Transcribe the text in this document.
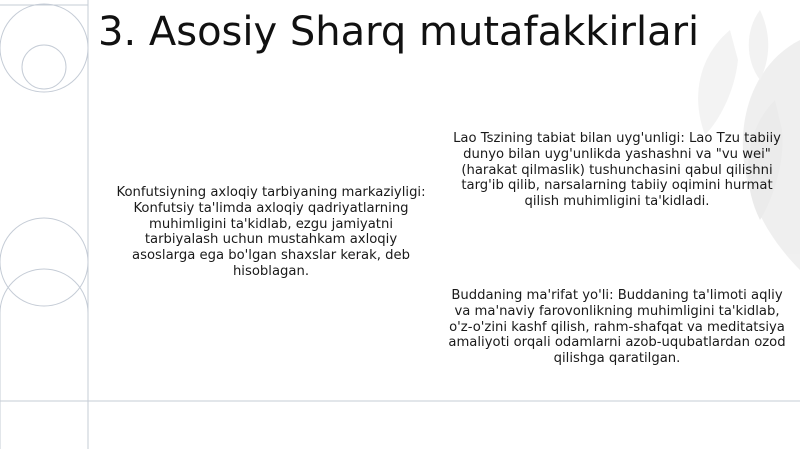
3. Asosiy Sharq mutafakkirlari

Konfutsiyning axloqiy tarbiyaning markaziyligi: Konfutsiy ta'limda axloqiy qadriyatlarning muhimligini ta'kidlab, ezgu jamiyatni tarbiyalash uchun mustahkam axloqiy asoslarga ega bo'lgan shaxslar kerak, deb hisoblagan.

Lao Tszining tabiat bilan uyg'unligi: Lao Tzu tabiiy dunyo bilan uyg'unlikda yashashni va "vu wei" (harakat qilmaslik) tushunchasini qabul qilishni targ'ib qilib, narsalarning tabiiy oqimini hurmat qilish muhimligini ta'kidladi.

Buddaning ma'rifat yo'li: Buddaning ta'limoti aqliy va ma'naviy farovonlikning muhimligini ta'kidlab, o'z-o'zini kashf qilish, rahm-shafqat va meditatsiya amaliyoti orqali odamlarni azob-uqubatlardan ozod qilishga qaratilgan.
